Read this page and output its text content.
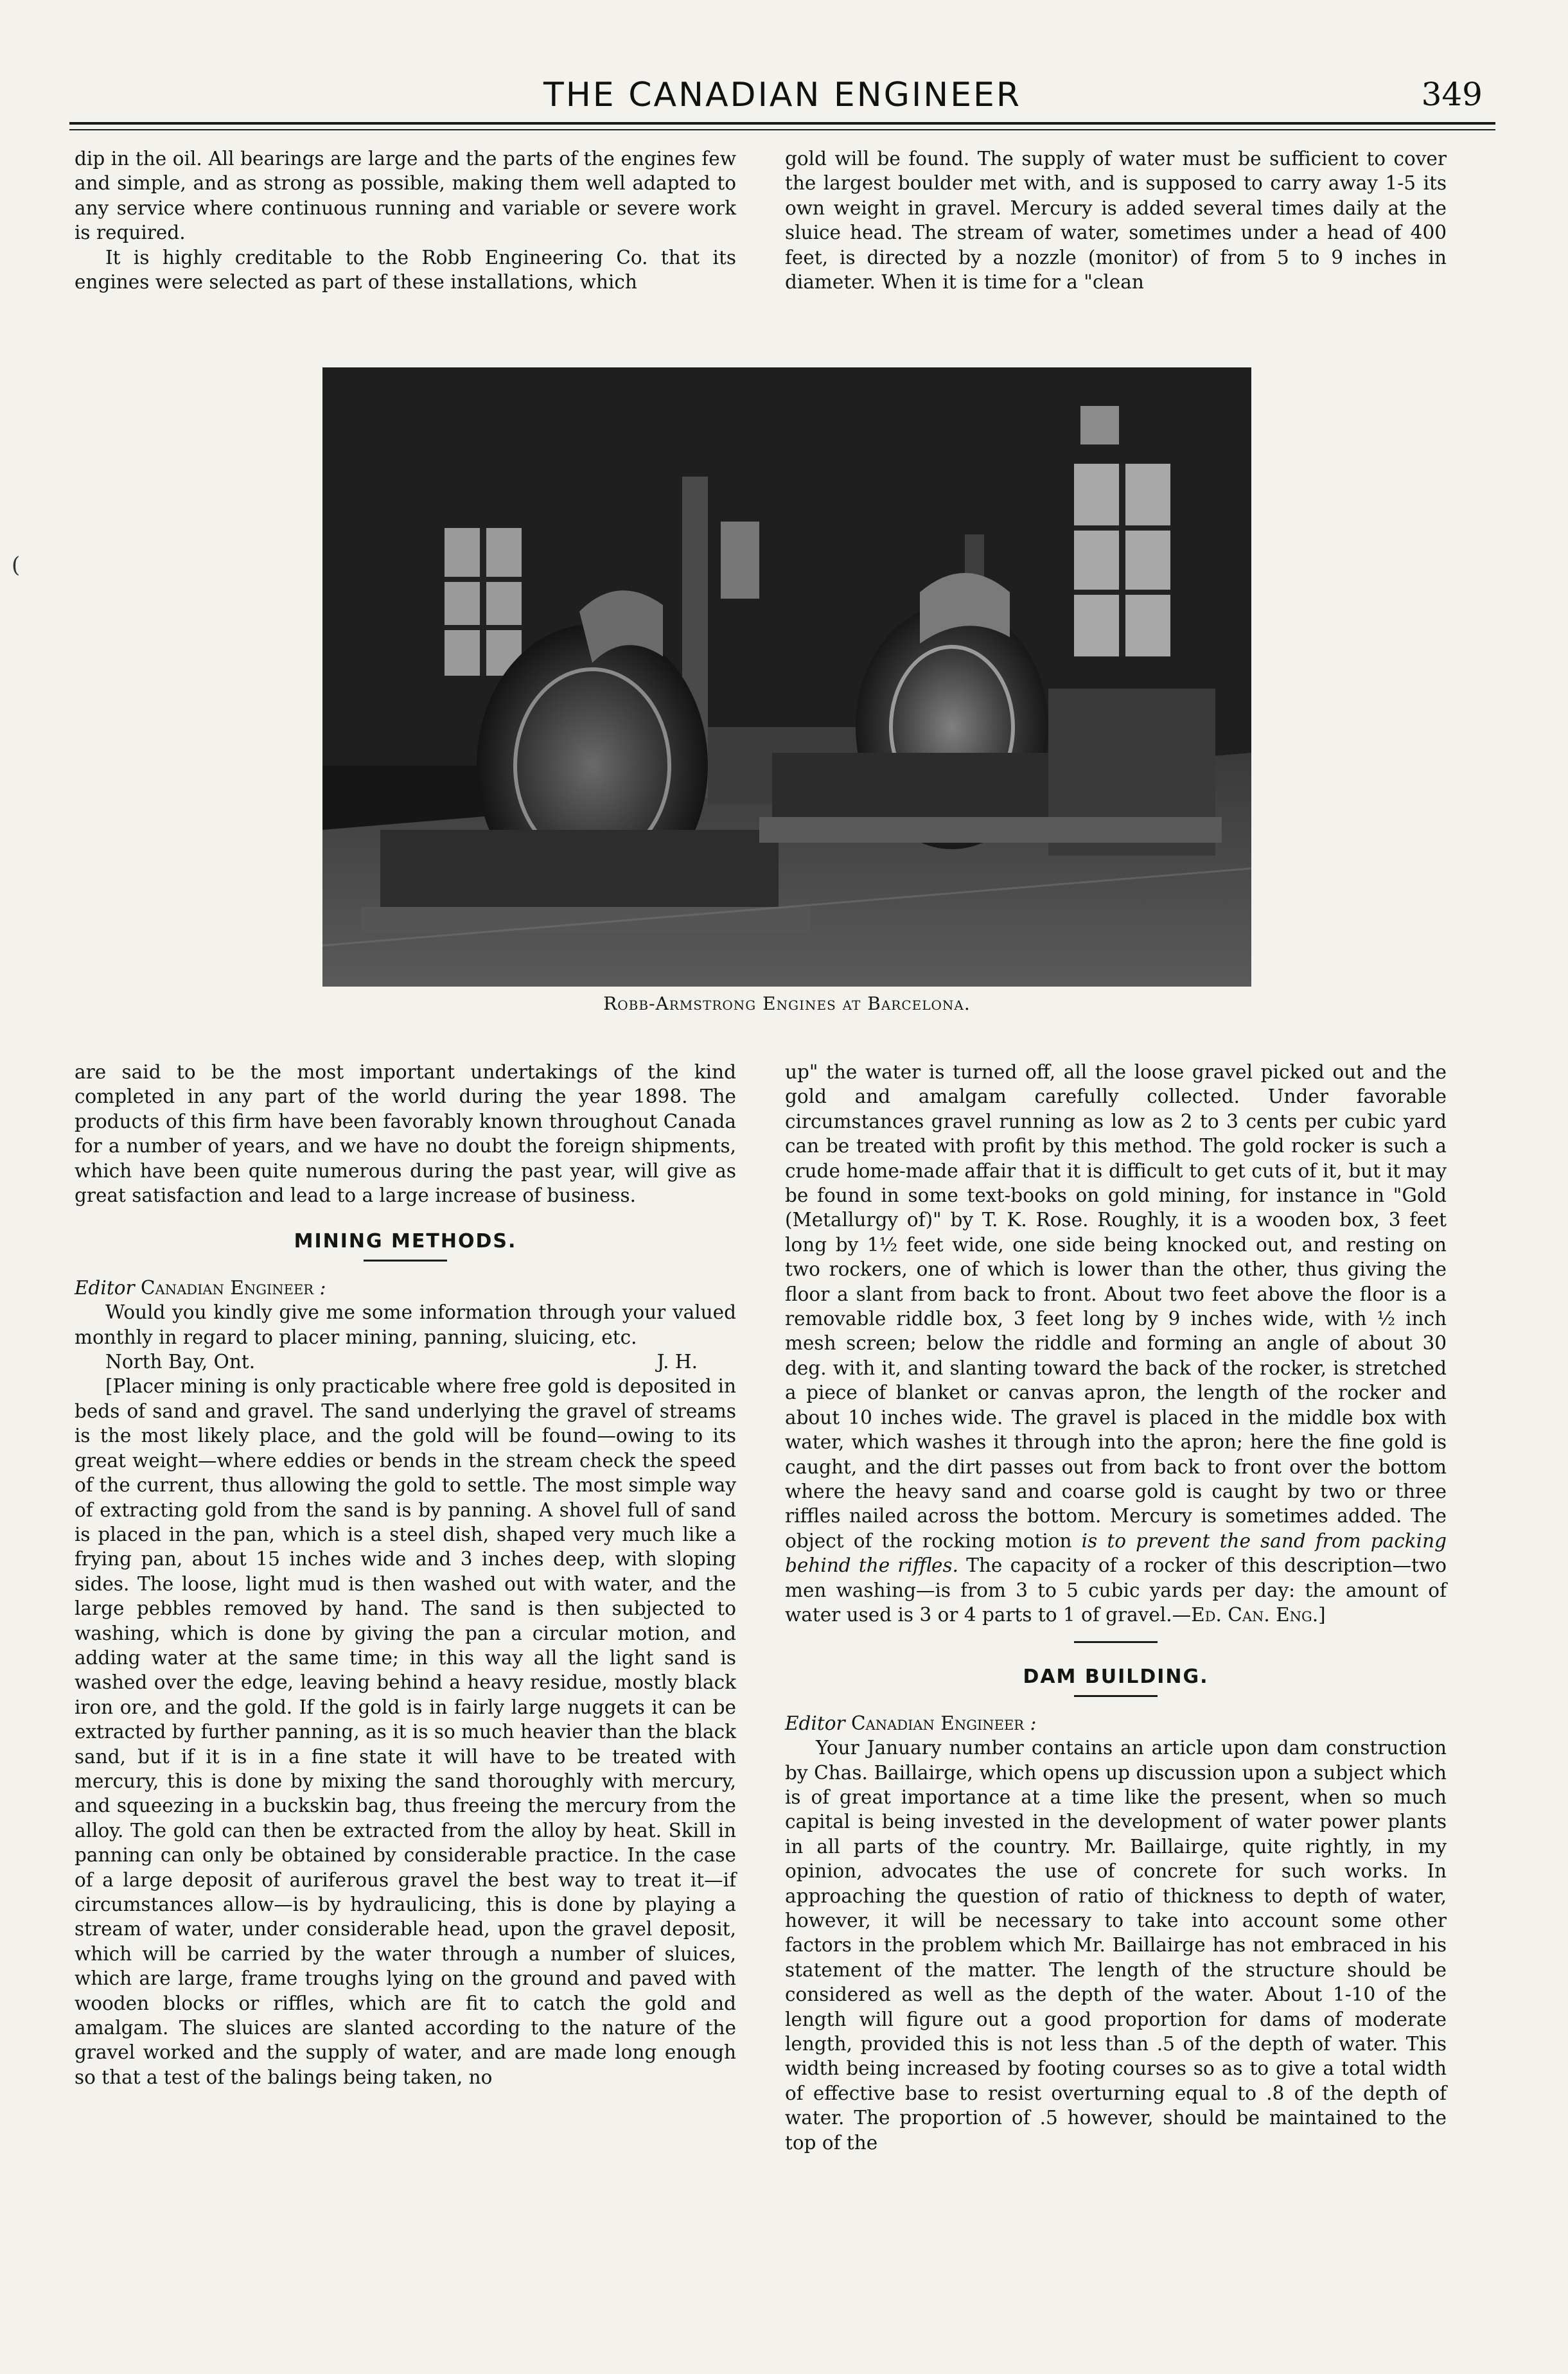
THE CANADIAN ENGINEER	349
(

dip in the oil. All bearings are large and the parts of the engines few and simple, and as strong as possible, making them well adapted to any service where continuous running and variable or severe work is required.

It is highly creditable to the Robb Engineering Co. that its engines were selected as part of these installations, which

gold will be found. The supply of water must be sufficient to cover the largest boulder met with, and is supposed to carry away 1-5 its own weight in gravel. Mercury is added several times daily at the sluice head. The stream of water, sometimes under a head of 400 feet, is directed by a nozzle (monitor) of from 5 to 9 inches in diameter. When it is time for a "clean

Robb-Armstrong Engines at Barcelona.

are said to be the most important undertakings of the kind completed in any part of the world during the year 1898. The products of this firm have been favorably known throughout Canada for a number of years, and we have no doubt the foreign shipments, which have been quite numerous during the past year, will give as great satisfaction and lead to a large increase of business.

MINING METHODS.

Editor Canadian Engineer :

Would you kindly give me some information through your valued monthly in regard to placer mining, panning, sluicing, etc.

North Bay, Ont.	J. H.

[Placer mining is only practicable where free gold is deposited in beds of sand and gravel. The sand underlying the gravel of streams is the most likely place, and the gold will be found—owing to its great weight—where eddies or bends in the stream check the speed of the current, thus allowing the gold to settle. The most simple way of extracting gold from the sand is by panning. A shovel full of sand is placed in the pan, which is a steel dish, shaped very much like a frying pan, about 15 inches wide and 3 inches deep, with sloping sides. The loose, light mud is then washed out with water, and the large pebbles removed by hand. The sand is then subjected to washing, which is done by giving the pan a circular motion, and adding water at the same time; in this way all the light sand is washed over the edge, leaving behind a heavy residue, mostly black iron ore, and the gold. If the gold is in fairly large nuggets it can be extracted by further panning, as it is so much heavier than the black sand, but if it is in a fine state it will have to be treated with mercury, this is done by mixing the sand thoroughly with mercury, and squeezing in a buckskin bag, thus freeing the mercury from the alloy. The gold can then be extracted from the alloy by heat. Skill in panning can only be obtained by considerable practice. In the case of a large deposit of auriferous gravel the best way to treat it—if circumstances allow—is by hydraulicing, this is done by playing a stream of water, under considerable head, upon the gravel deposit, which will be carried by the water through a number of sluices, which are large, frame troughs lying on the ground and paved with wooden blocks or riffles, which are fit to catch the gold and amalgam. The sluices are slanted according to the nature of the gravel worked and the supply of water, and are made long enough so that a test of the balings being taken, no

up" the water is turned off, all the loose gravel picked out and the gold and amalgam carefully collected. Under favorable circumstances gravel running as low as 2 to 3 cents per cubic yard can be treated with profit by this method. The gold rocker is such a crude home-made affair that it is difficult to get cuts of it, but it may be found in some text-books on gold mining, for instance in "Gold (Metallurgy of)" by T. K. Rose. Roughly, it is a wooden box, 3 feet long by 1½ feet wide, one side being knocked out, and resting on two rockers, one of which is lower than the other, thus giving the floor a slant from back to front. About two feet above the floor is a removable riddle box, 3 feet long by 9 inches wide, with ½ inch mesh screen; below the riddle and forming an angle of about 30 deg. with it, and slanting toward the back of the rocker, is stretched a piece of blanket or canvas apron, the length of the rocker and about 10 inches wide. The gravel is placed in the middle box with water, which washes it through into the apron; here the fine gold is caught, and the dirt passes out from back to front over the bottom where the heavy sand and coarse gold is caught by two or three riffles nailed across the bottom. Mercury is sometimes added. The object of the rocking motion is to prevent the sand from packing behind the riffles. The capacity of a rocker of this description—two men washing—is from 3 to 5 cubic yards per day: the amount of water used is 3 or 4 parts to 1 of gravel.—Ed. Can. Eng.]

DAM BUILDING.

Editor Canadian Engineer :

Your January number contains an article upon dam construction by Chas. Baillairge, which opens up discussion upon a subject which is of great importance at a time like the present, when so much capital is being invested in the development of water power plants in all parts of the country. Mr. Baillairge, quite rightly, in my opinion, advocates the use of concrete for such works. In approaching the question of ratio of thickness to depth of water, however, it will be necessary to take into account some other factors in the problem which Mr. Baillairge has not embraced in his statement of the matter. The length of the structure should be considered as well as the depth of the water. About 1-10 of the length will figure out a good proportion for dams of moderate length, provided this is not less than .5 of the depth of water. This width being increased by footing courses so as to give a total width of effective base to resist overturning equal to .8 of the depth of water. The proportion of .5 however, should be maintained to the top of the
